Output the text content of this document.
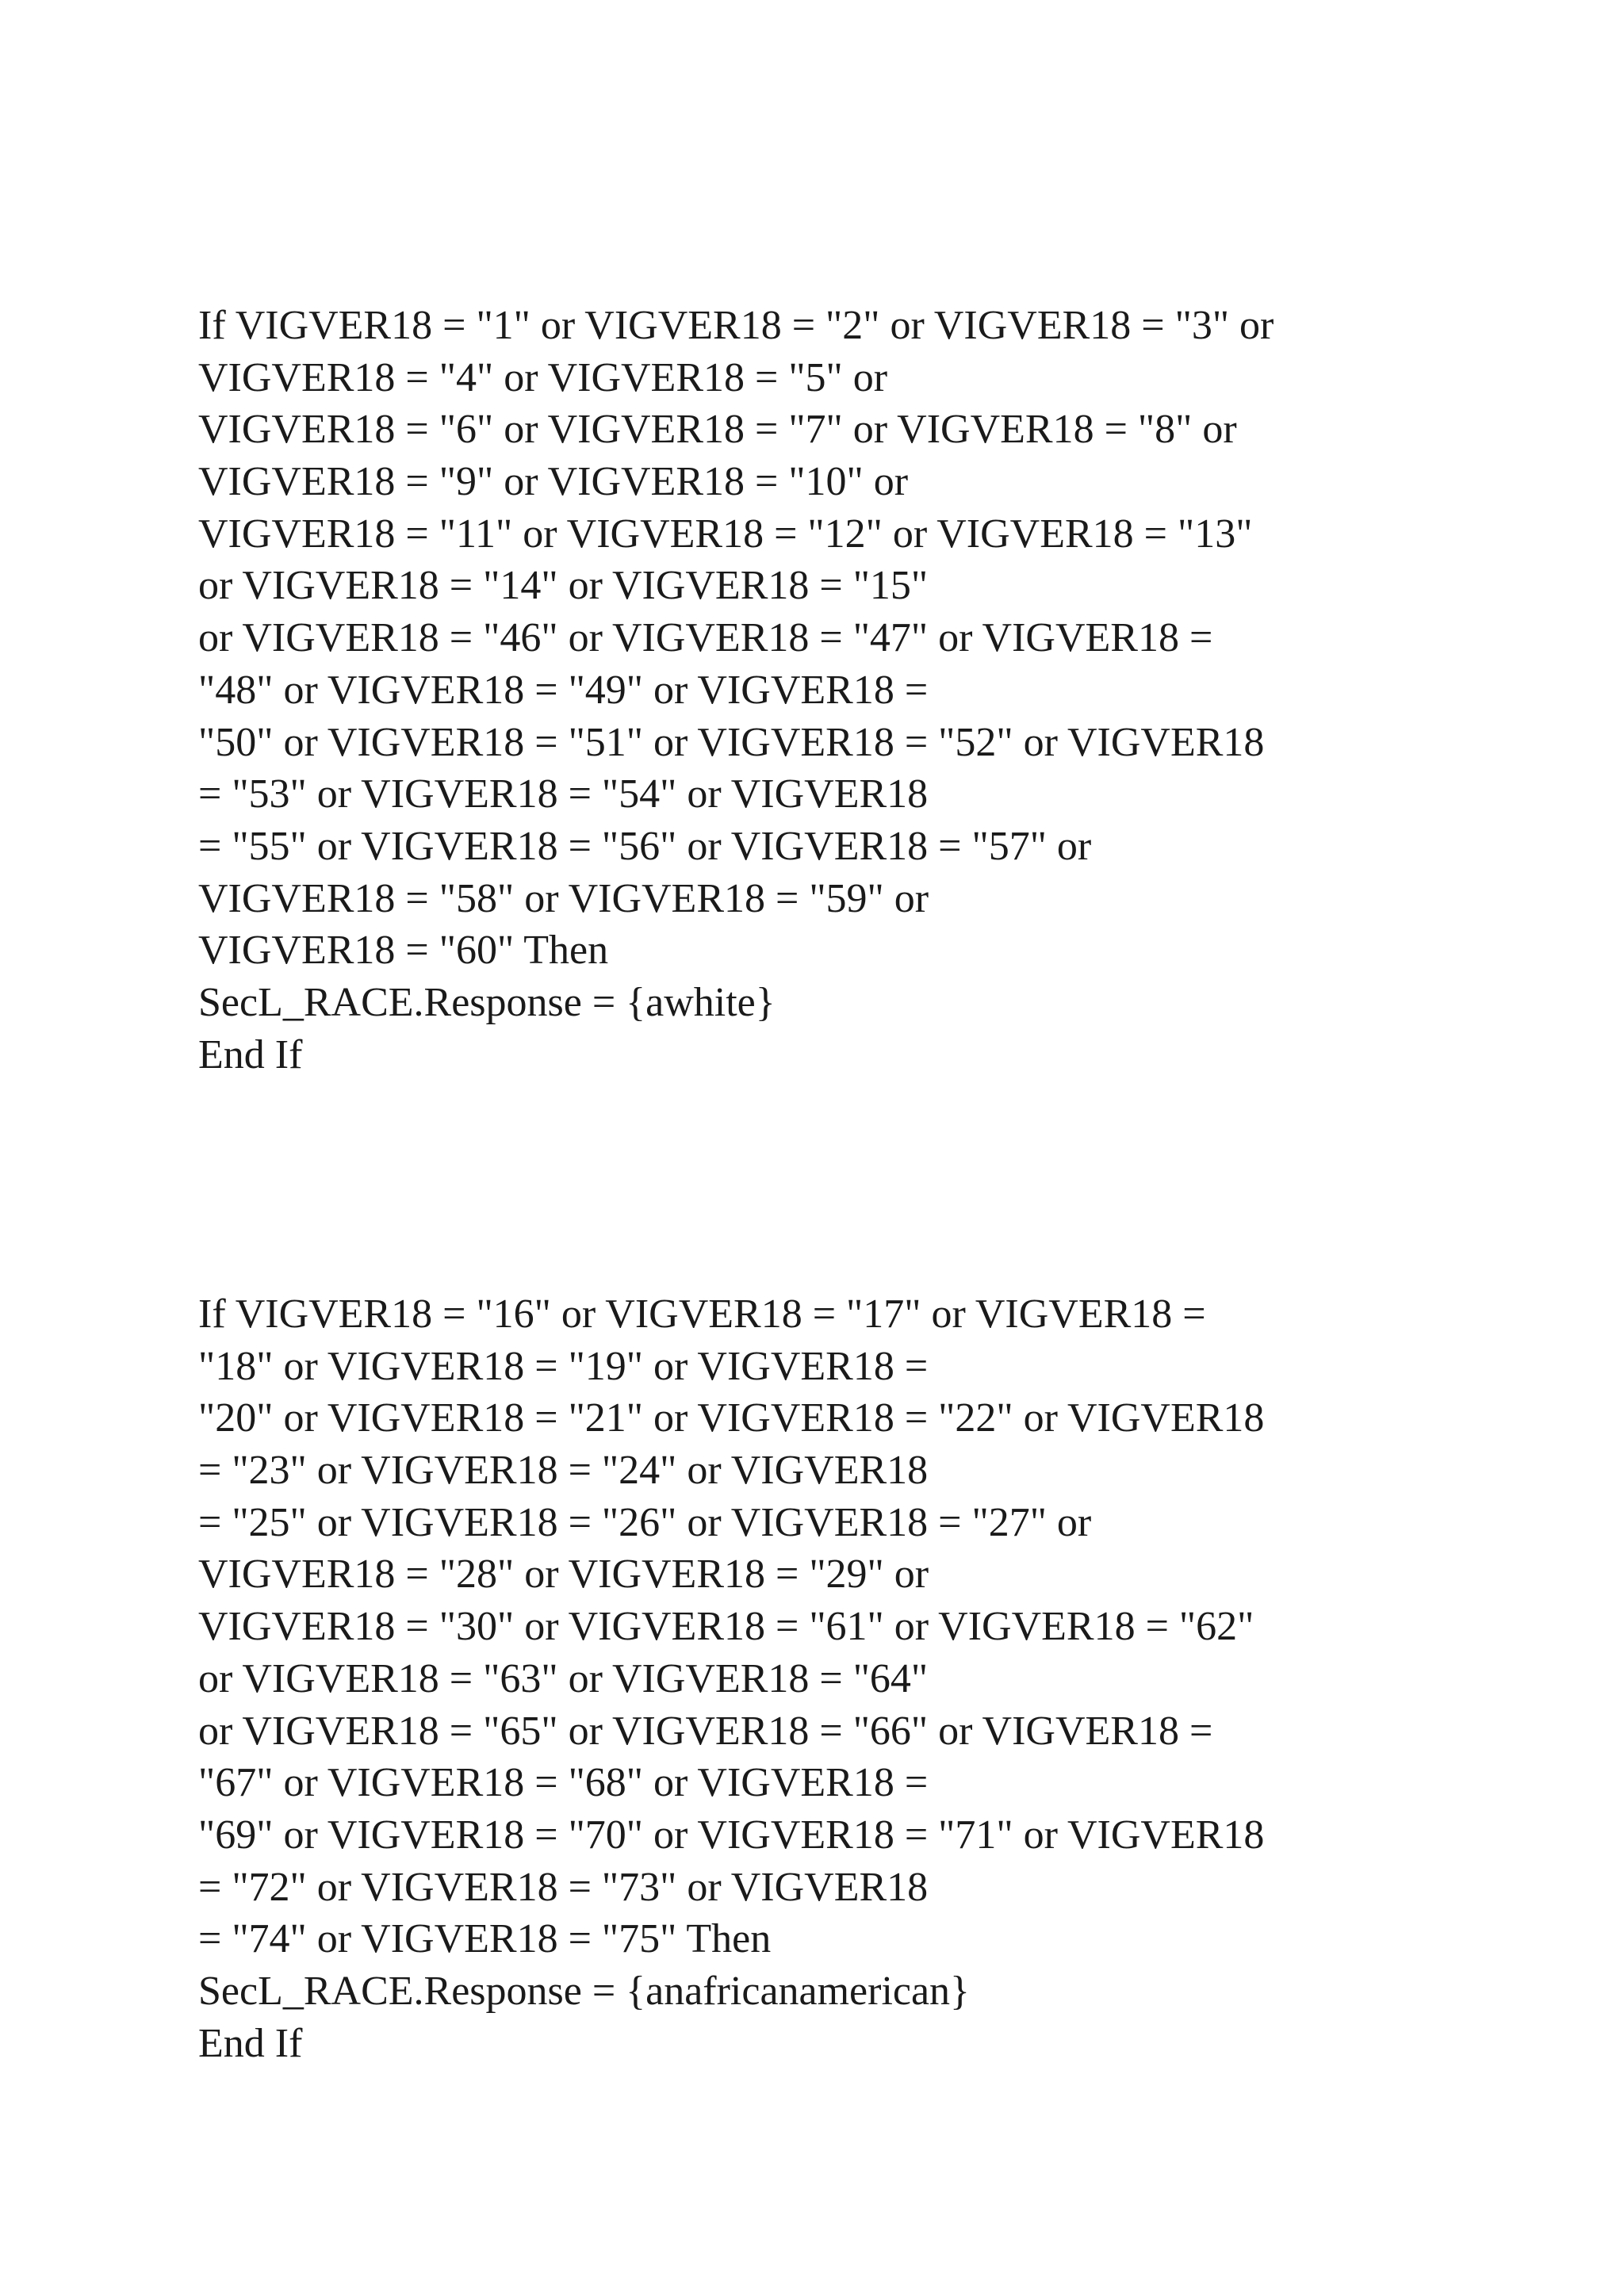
If VIGVER18 = "1" or VIGVER18 = "2" or VIGVER18 = "3" or
VIGVER18 = "4" or VIGVER18 = "5" or
VIGVER18 = "6" or VIGVER18 = "7" or VIGVER18 = "8" or
VIGVER18 = "9" or VIGVER18 = "10" or
VIGVER18 = "11" or VIGVER18 = "12" or VIGVER18 = "13"
or VIGVER18 = "14" or VIGVER18 = "15"
or VIGVER18 = "46" or VIGVER18 = "47" or VIGVER18 =
"48" or VIGVER18 = "49" or VIGVER18 =
"50" or VIGVER18 = "51" or VIGVER18 = "52" or VIGVER18
= "53" or VIGVER18 = "54" or VIGVER18
= "55" or VIGVER18 = "56" or VIGVER18 = "57" or
VIGVER18 = "58" or VIGVER18 = "59" or
VIGVER18 = "60" Then
SecL_RACE.Response = {awhite}
End If
If VIGVER18 = "16" or VIGVER18 = "17" or VIGVER18 =
"18" or VIGVER18 = "19" or VIGVER18 =
"20" or VIGVER18 = "21" or VIGVER18 = "22" or VIGVER18
= "23" or VIGVER18 = "24" or VIGVER18
= "25" or VIGVER18 = "26" or VIGVER18 = "27" or
VIGVER18 = "28" or VIGVER18 = "29" or
VIGVER18 = "30" or VIGVER18 = "61" or VIGVER18 = "62"
or VIGVER18 = "63" or VIGVER18 = "64"
or VIGVER18 = "65" or VIGVER18 = "66" or VIGVER18 =
"67" or VIGVER18 = "68" or VIGVER18 =
"69" or VIGVER18 = "70" or VIGVER18 = "71" or VIGVER18
= "72" or VIGVER18 = "73" or VIGVER18
= "74" or VIGVER18 = "75" Then
SecL_RACE.Response = {anafricanamerican}
End If
